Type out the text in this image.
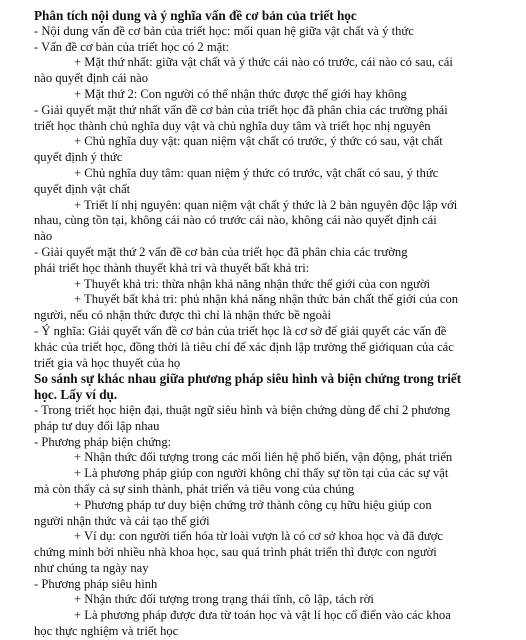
Phân tích nội dung và ý nghĩa vấn đề cơ bản của triết học

- Nội dung vấn đề cơ bản của triết học: mối quan hệ giữa vật chất và ý thức

- Vấn đề cơ bản của triết học có 2 mặt:

+ Mặt thứ nhất: giữa vật chất và ý thức cái nào có trước, cái nào có sau, cái

nào quyết định cái nào

+ Mặt thứ 2: Con người có thể nhận thức được thế giới hay không

- Giải quyết mặt thứ nhất vấn đề cơ bản của triết học đã phân chia các trường phái

triết học thành chủ nghĩa duy vật và chủ nghĩa duy tâm và triết học nhị nguyên

+ Chủ nghĩa duy vật: quan niệm vật chất có trước, ý thức có sau, vật chất

quyết định ý thức

+ Chủ nghĩa duy tâm: quan niệm ý thức có trước, vật chất có sau, ý thức

quyết định vật chất

+ Triết lí nhị nguyên: quan niệm vật chất ý thức là 2 bản nguyên độc lập với

nhau, cùng tồn tại, không cái nào có trước cái nào, không cái nào quyết định cái

nào

- Giải quyết mặt thứ 2 vấn đề cơ bản của triết học đã phân chia các trường

phái triết học thành thuyết khả tri và thuyết bất khả tri:

+ Thuyết khả tri: thừa nhận khả năng nhận thức thế giới của con người

+ Thuyết bất khả tri: phủ nhận khả năng nhận thức bản chất thế giới của con

người, nếu có nhận thức được thì chỉ là nhận thức bề ngoài

- Ý nghĩa: Giải quyết vấn đề cơ bản của triết học là cơ sở để giải quyết các vấn đề

khác của triết học, đồng thời là tiêu chí để xác định lập trường thế giớiquan của các

triết gia và học thuyết của họ

So sánh sự khác nhau giữa phương pháp siêu hình và biện chứng trong triết

học. Lấy ví dụ.

- Trong triết học hiện đại, thuật ngữ siêu hình và biện chứng dùng để chỉ 2 phương

pháp tư duy đối lập nhau

- Phương pháp biện chứng:

+ Nhận thức đối tượng trong các mối liên hệ phổ biến, vận động, phát triển

+ Là phương pháp giúp con người không chỉ thấy sự tồn tại của các sự vật

mà còn thấy cả sự sinh thành, phát triển và tiêu vong của chúng

+ Phương pháp tư duy biện chứng trở thành công cụ hữu hiệu giúp con

người nhận thức và cải tạo thế giới

+ Ví dụ: con người tiến hóa từ loài vượn là có cơ sở khoa học và đã được

chứng minh bởi nhiều nhà khoa học, sau quá trình phát triển thì được con người

như chúng ta ngày nay

- Phương pháp siêu hình

+ Nhận thức đối tượng trong trạng thái tĩnh, cô lập, tách rời

+ Là phương pháp được đưa từ toán học và vật lí học cổ điển vào các khoa

học thực nghiệm và triết học
